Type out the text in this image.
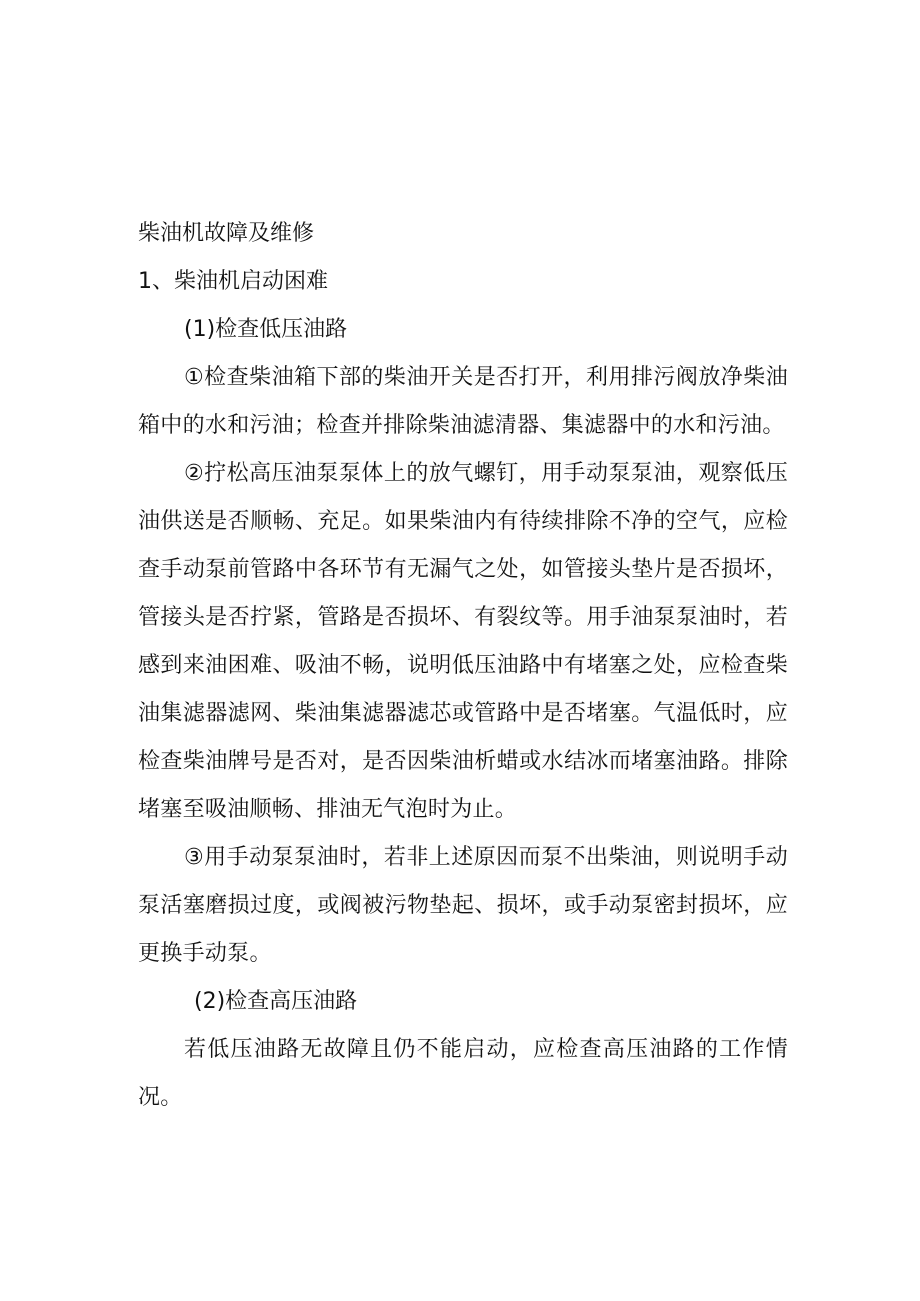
柴油机故障及维修

1、柴油机启动困难

(1)检查低压油路

①检查柴油箱下部的柴油开关是否打开，利用排污阀放净柴油箱中的水和污油；检查并排除柴油滤清器、集滤器中的水和污油。

②拧松高压油泵泵体上的放气螺钉，用手动泵泵油，观察低压油供送是否顺畅、充足。如果柴油内有待续排除不净的空气，应检查手动泵前管路中各环节有无漏气之处，如管接头垫片是否损坏，管接头是否拧紧，管路是否损坏、有裂纹等。用手油泵泵油时，若感到来油困难、吸油不畅，说明低压油路中有堵塞之处，应检查柴油集滤器滤网、柴油集滤器滤芯或管路中是否堵塞。气温低时，应检查柴油牌号是否对，是否因柴油析蜡或水结冰而堵塞油路。排除堵塞至吸油顺畅、排油无气泡时为止。

③用手动泵泵油时，若非上述原因而泵不出柴油，则说明手动泵活塞磨损过度，或阀被污物垫起、损坏，或手动泵密封损坏，应更换手动泵。

(2)检查高压油路

若低压油路无故障且仍不能启动，应检查高压油路的工作情况。
